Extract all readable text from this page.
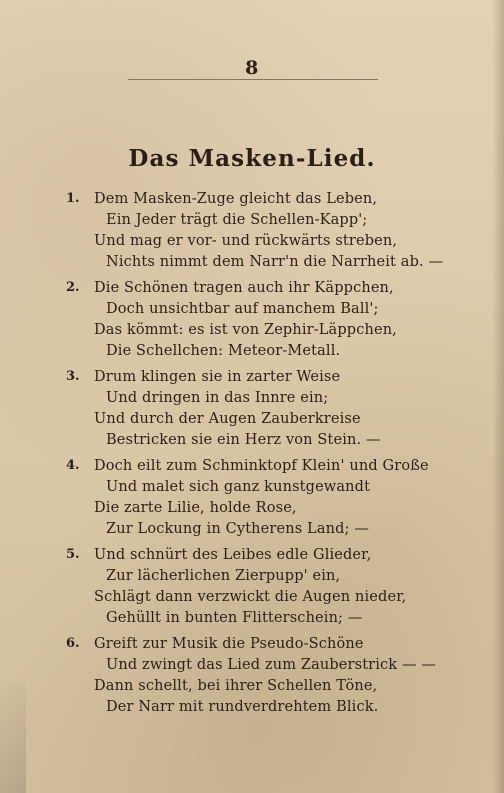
8
Das Masken-Lied.
1. Dem Masken-Zuge gleicht das Leben,
Ein Jeder trägt die Schellen-Kapp';
Und mag er vor- und rückwärts streben,
Nichts nimmt dem Narr'n die Narrheit ab. —
2. Die Schönen tragen auch ihr Käppchen,
Doch unsichtbar auf manchem Ball';
Das kömmt: es ist von Zephir-Läppchen,
Die Schellchen: Meteor-Metall.
3. Drum klingen sie in zarter Weise
Und dringen in das Innre ein;
Und durch der Augen Zauberkreise
Bestricken sie ein Herz von Stein. —
4. Doch eilt zum Schminktopf Klein' und Große
Und malet sich ganz kunstgewandt
Die zarte Lilie, holde Rose,
Zur Lockung in Cytherens Land; —
5. Und schnürt des Leibes edle Glieder,
Zur lächerlichen Zierpupp' ein,
Schlägt dann verzwickt die Augen nieder,
Gehüllt in bunten Flitterschein; —
6. Greift zur Musik die Pseudo-Schöne
Und zwingt das Lied zum Zauberstrick — —
Dann schellt, bei ihrer Schellen Töne,
Der Narr mit rundverdrehtem Blick.
